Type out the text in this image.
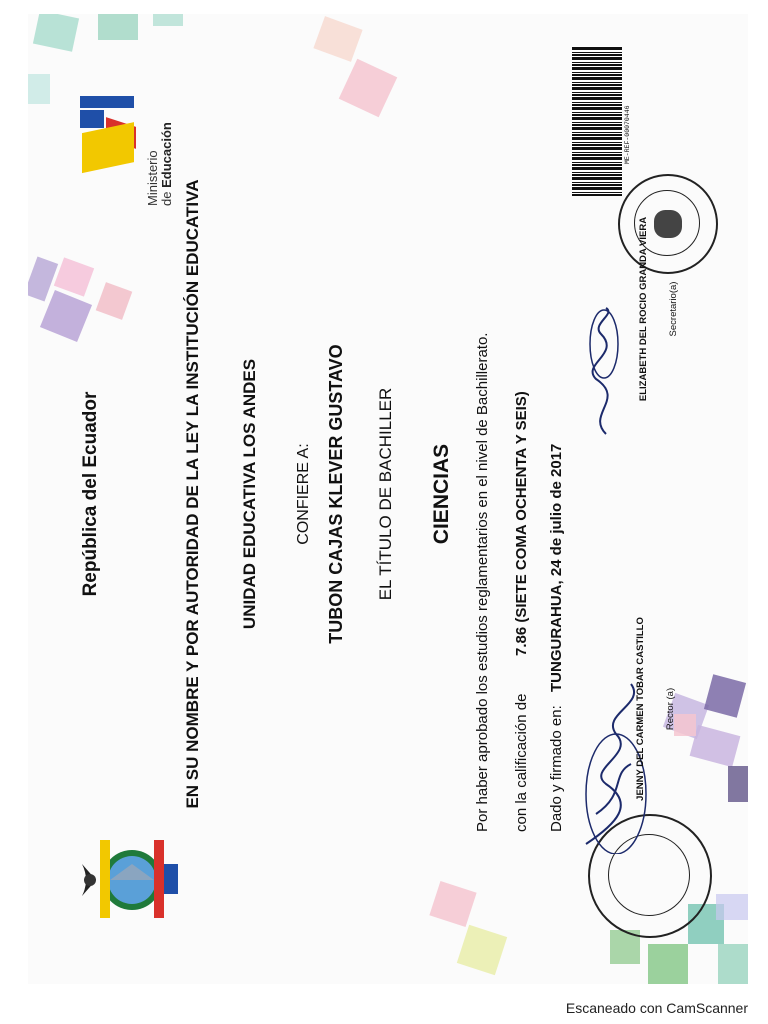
Ministerio de Educación	ME-REF-00070446
República del Ecuador	EN SU NOMBRE Y POR AUTORIDAD DE LA LEY LA INSTITUCIÓN EDUCATIVA UNIDAD EDUCATIVA LOS ANDES CONFIERE A: TUBON CAJAS KLEVER GUSTAVO EL TÍTULO DE BACHILLER CIENCIAS Por haber aprobado los estudios reglamentarios en el nivel de Bachillerato. con la calificación de
7.86 (SIETE COMA OCHENTA Y SEIS)
Dado y firmado en:
TUNGURAHUA, 24 de julio de 2017
JENNY DEL CARMEN TOBAR CASTILLO Rector (a)
ELIZABETH DEL ROCIO GRANDA VIERA Secretario(a)
Escaneado con CamScanner
